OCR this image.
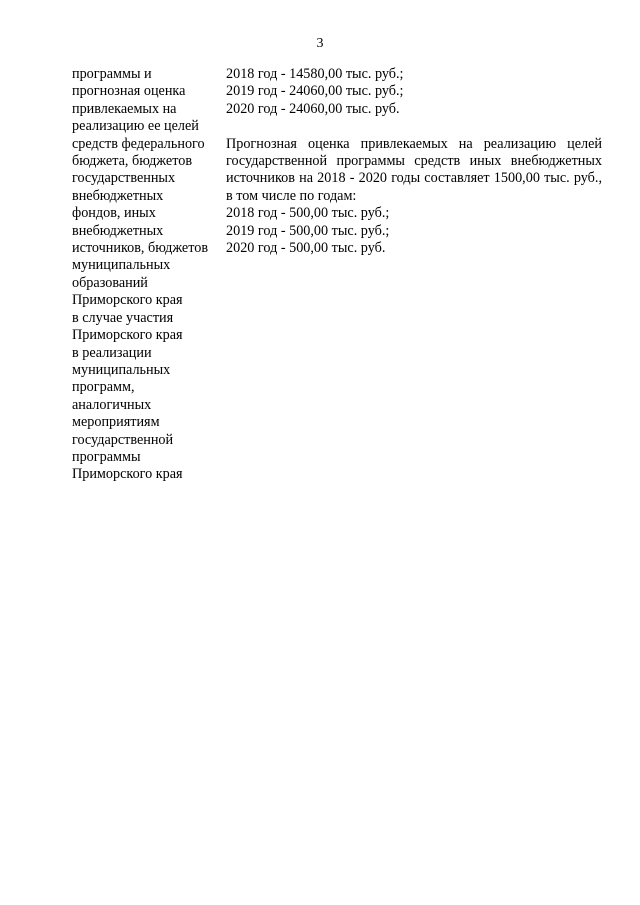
3
программы и
прогнозная оценка
привлекаемых на
реализацию ее целей
средств федерального
бюджета, бюджетов
государственных
внебюджетных
фондов, иных
внебюджетных
источников, бюджетов
муниципальных
образований
Приморского края
в случае участия
Приморского края
в реализации
муниципальных
программ,
аналогичных
мероприятиям
государственной
программы
Приморского края
2018 год - 14580,00 тыс. руб.;
2019 год - 24060,00 тыс. руб.;
2020 год - 24060,00 тыс. руб.
Прогнозная оценка привлекаемых на реализацию целей государственной программы средств иных внебюджетных источников на 2018 - 2020 годы составляет 1500,00 тыс. руб., в том числе по годам:
2018 год - 500,00 тыс. руб.;
2019 год - 500,00 тыс. руб.;
2020 год - 500,00 тыс. руб.
